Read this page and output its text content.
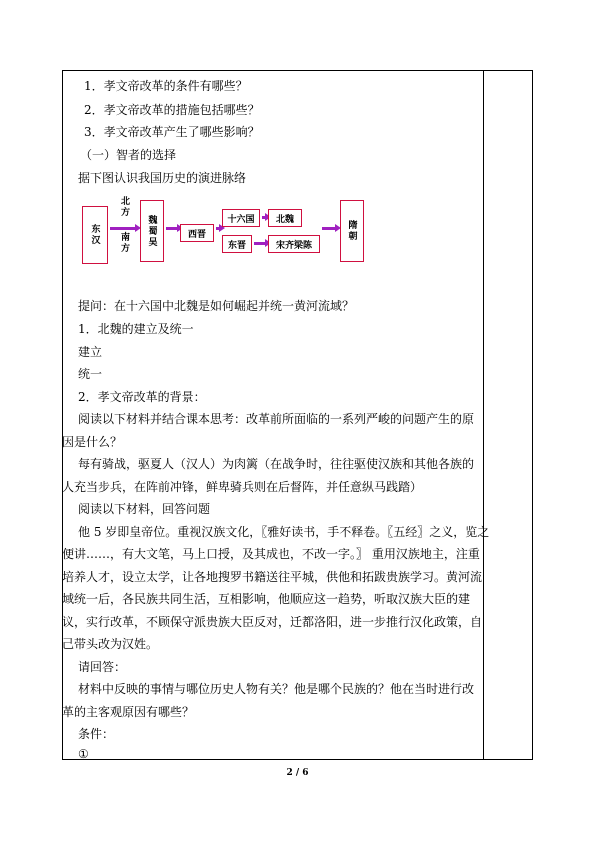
1．孝文帝改革的条件有哪些？
2．孝文帝改革的措施包括哪些？
3．孝文帝改革产生了哪些影响？
（一）智者的选择
据下图认识我国历史的演进脉络
东汉
北方
南方	魏蜀吴	西晋
十六国
东晋
北魏
宋齐梁陈
隋朝
提问：在十六国中北魏是如何崛起并统一黄河流域？
1．北魏的建立及统一
建立
统一
2．孝文帝改革的背景：
阅读以下材料并结合课本思考：改革前所面临的一系列严峻的问题产生的原
因是什么？
每有骑战，驱夏人（汉人）为肉篱（在战争时，往往驱使汉族和其他各族的
人充当步兵，在阵前冲锋，鲜卑骑兵则在后督阵，并任意纵马践踏）
阅读以下材料，回答问题
他 5 岁即皇帝位。重视汉族文化，〖雅好读书，手不释卷。〖五经〗之义，览之
便讲……，有大文笔，马上口授，及其成也，不改一字。〗 重用汉族地主，注重
培养人才，设立太学，让各地搜罗书籍送往平城，供他和拓跋贵族学习。黄河流
域统一后，各民族共同生活，互相影响，他顺应这一趋势，听取汉族大臣的建
议，实行改革，不顾保守派贵族大臣反对，迁都洛阳，进一步推行汉化政策，自
己带头改为汉姓。
请回答：
材料中反映的事情与哪位历史人物有关？他是哪个民族的？他在当时进行改
革的主客观原因有哪些？
条件：
①
2 / 6
